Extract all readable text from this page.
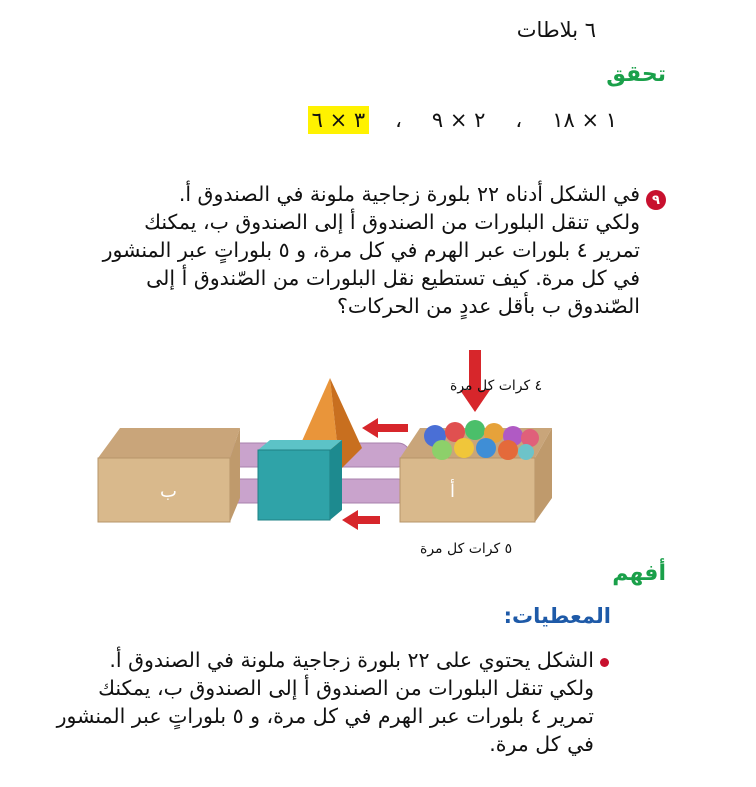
٦ بلاطات
تحقق
١ × ١٨
،
٢ × ٩
،
٣ × ٦
٩
في الشكل أدناه ٢٢ بلورة زجاجية ملونة في الصندوق أ.
ولكي تنقل البلورات من الصندوق أ إلى الصندوق ب، يمكنك
تمرير ٤ بلورات عبر الهرم في كل مرة، و ٥ بلوراتٍ عبر المنشور
في كل مرة. كيف تستطيع نقل البلورات من الصّندوق أ إلى
الصّندوق ب بأقل عددٍ من الحركات؟
ب	أ
٤ كرات كل مرة
٥ كرات كل مرة
أفهم
المعطيات:
الشكل يحتوي على ٢٢ بلورة زجاجية ملونة في الصندوق أ.
ولكي تنقل البلورات من الصندوق أ إلى الصندوق ب، يمكنك
تمرير ٤ بلورات عبر الهرم في كل مرة، و ٥ بلوراتٍ عبر المنشور
في كل مرة.
